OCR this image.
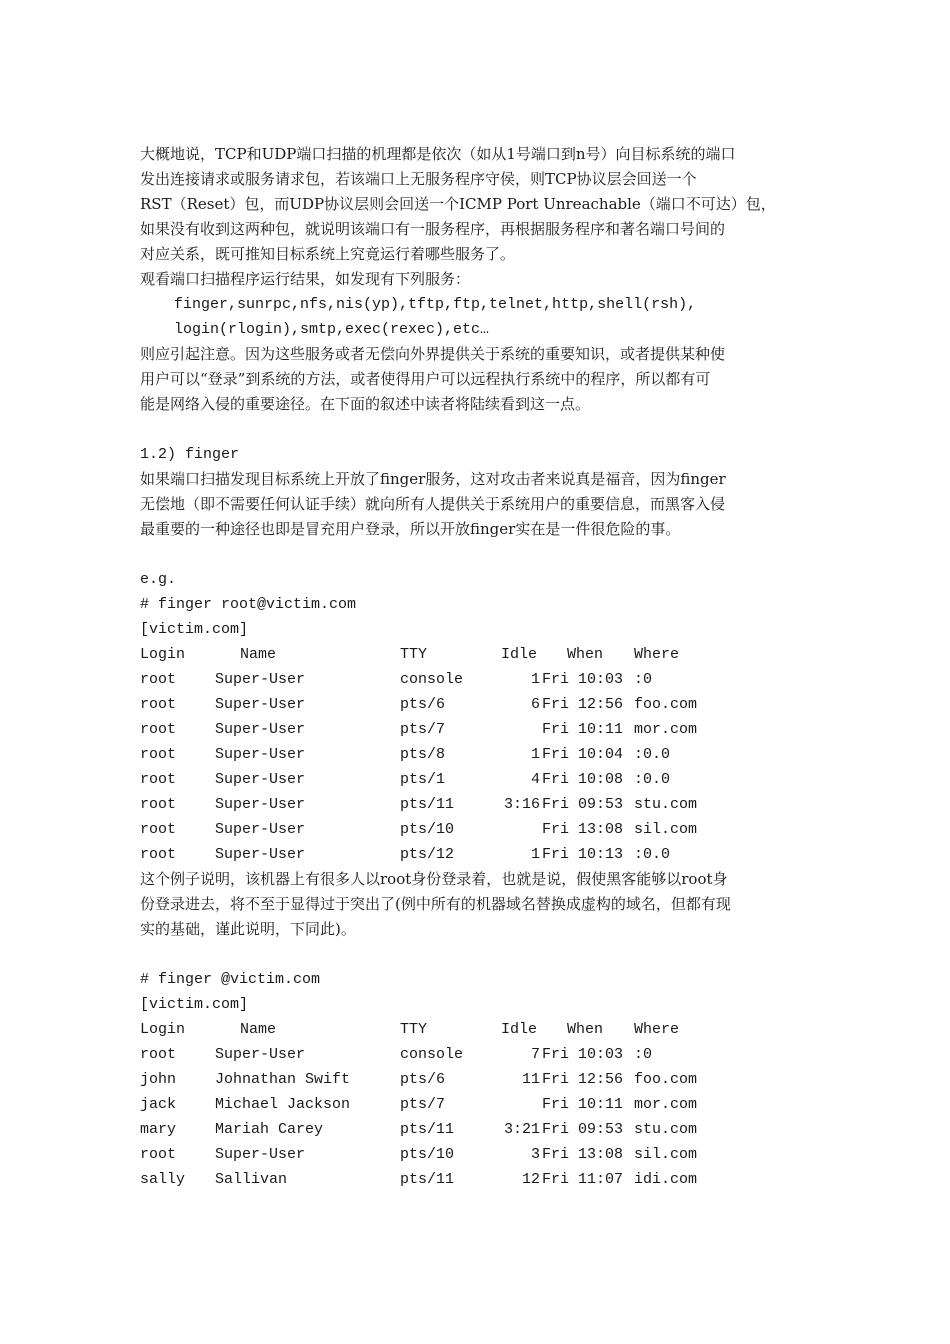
大概地说，TCP和UDP端口扫描的机理都是依次（如从1号端口到n号）向目标系统的端口
发出连接请求或服务请求包，若该端口上无服务程序守侯，则TCP协议层会回送一个
RST（Reset）包，而UDP协议层则会回送一个ICMP Port Unreachable（端口不可达）包，
如果没有收到这两种包，就说明该端口有一服务程序，再根据服务程序和著名端口号间的
对应关系，既可推知目标系统上究竟运行着哪些服务了。
观看端口扫描程序运行结果，如发现有下列服务：
finger,sunrpc,nfs,nis(yp),tftp,ftp,telnet,http,shell(rsh),
login(rlogin),smtp,exec(rexec),etc…
则应引起注意。因为这些服务或者无偿向外界提供关于系统的重要知识，或者提供某种使
用户可以“登录”到系统的方法，或者使得用户可以远程执行系统中的程序，所以都有可
能是网络入侵的重要途径。在下面的叙述中读者将陆续看到这一点。
1.2) finger
如果端口扫描发现目标系统上开放了finger服务，这对攻击者来说真是福音，因为finger
无偿地（即不需要任何认证手续）就向所有人提供关于系统用户的重要信息，而黑客入侵
最重要的一种途径也即是冒充用户登录，所以开放finger实在是一件很危险的事。
e.g.
# finger root@victim.com
[victim.com]
Login	Name	TTY	Idle When Where
root	Super-User	console	1 Fri 10:03 :0
root	Super-User	pts/6	6 Fri 12:56 foo.com
root	Super-User	pts/7	Fri 10:11 mor.com
root	Super-User	pts/8	1 Fri 10:04 :0.0
root	Super-User	pts/1	4 Fri 10:08 :0.0
root	Super-User	pts/11	3:16 Fri 09:53 stu.com
root	Super-User	pts/10	Fri 13:08 sil.com
root	Super-User	pts/12	1 Fri 10:13 :0.0
这个例子说明，该机器上有很多人以root身份登录着，也就是说，假使黑客能够以root身
份登录进去，将不至于显得过于突出了(例中所有的机器域名替换成虚构的域名，但都有现
实的基础，谨此说明，下同此)。
# finger @victim.com
[victim.com]
Login	Name	TTY	Idle When Where
root	Super-User	console	7 Fri 10:03 :0
john	Johnathan Swift	pts/6	11 Fri 12:56 foo.com
jack	Michael Jackson	pts/7	Fri 10:11 mor.com
mary	Mariah Carey	pts/11	3:21 Fri 09:53 stu.com
root	Super-User	pts/10	3 Fri 13:08 sil.com
sally Sallivan	pts/11	12 Fri 11:07 idi.com
